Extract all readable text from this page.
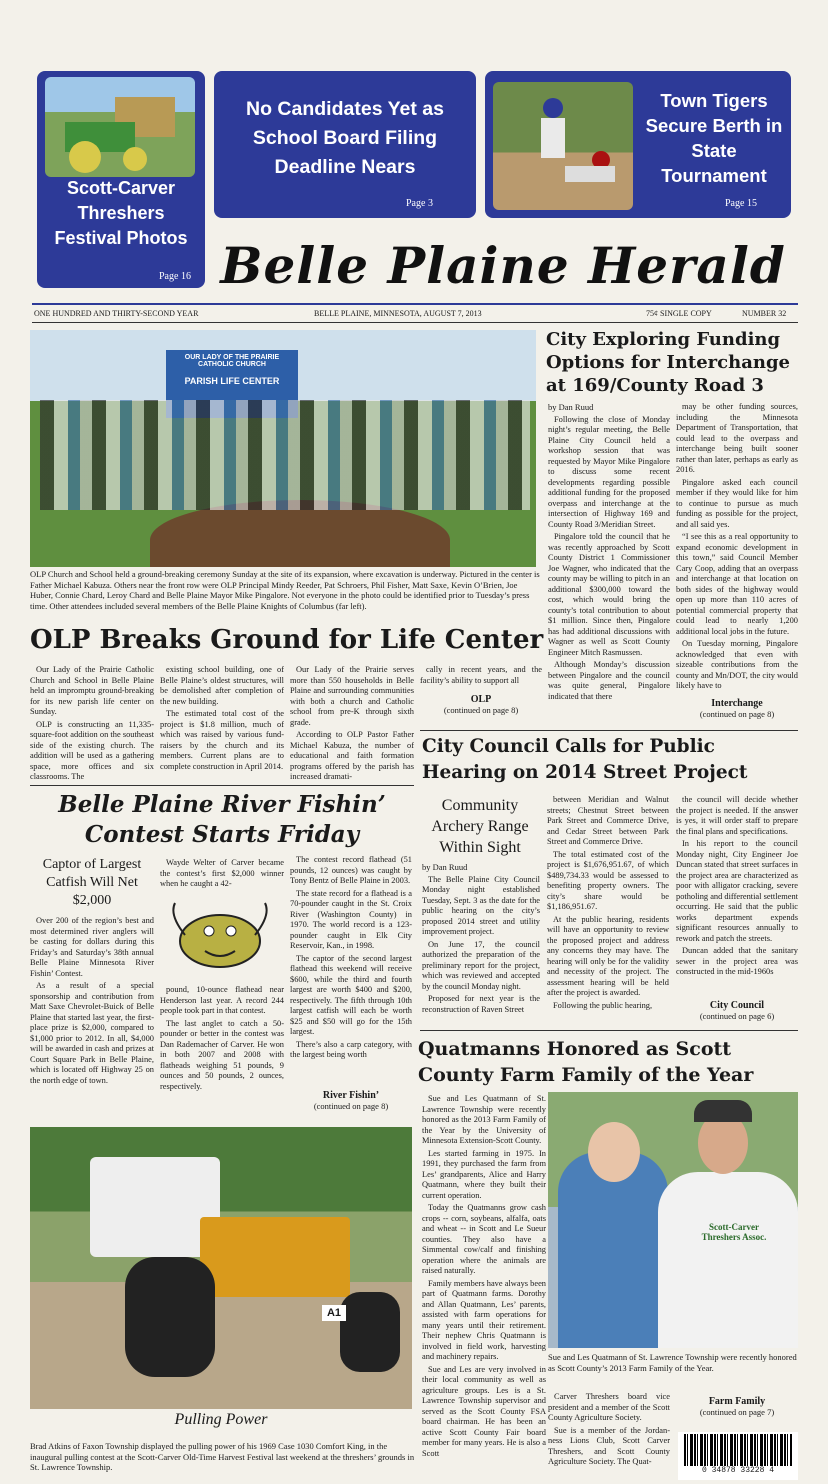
Scott-Carver Threshers Festival Photos
Page 16
No Candidates Yet as School Board Filing Deadline Nears
Page 3
Town Tigers Secure Berth in State Tournament
Page 15
Belle Plaine Herald
ONE HUNDRED AND THIRTY-SECOND YEAR	BELLE PLAINE, MINNESOTA, AUGUST 7, 2013	75¢ SINGLE COPY	NUMBER 32
OUR LADY OF THE PRAIRIE
CATHOLIC CHURCH
PARISH LIFE CENTER
OLP Church and School held a ground-breaking ceremony Sunday at the site of its expansion, where excavation is underway. Pictured in the center is Father Michael Kabuza. Others near the front row were OLP Principal Mindy Reeder, Pat Schroers, Phil Fisher, Matt Saxe, Kevin O’Brien, Joe Huber, Connie Chard, Leroy Chard and Belle Plaine Mayor Mike Pingalore. Not everyone in the photo could be identified prior to Tuesday’s press time. Other attendees included several members of the Belle Plaine Knights of Columbus (far left).
OLP Breaks Ground for Life Center

Our Lady of the Prairie Catholic Church and School in Belle Plaine held an impromptu ground-breaking for its new parish life center on Sunday.

OLP is constructing an 11,335-square-foot addition on the southeast side of the existing church. The addition will be used as a gathering space, more offices and six classrooms. The

existing school building, one of Belle Plaine’s oldest structures, will be demolished after completion of the new building.

The estimated total cost of the project is $1.8 million, much of which was raised by various fund-raisers by the church and its members. Current plans are to complete construction in April 2014.

Our Lady of the Prairie serves more than 550 households in Belle Plaine and surrounding communities with both a church and Catholic school from pre-K through sixth grade.

According to OLP Pastor Father Michael Kabuza, the number of educational and faith formation programs offered by the parish has increased dramati-

cally in recent years, and the facility’s ability to support all

OLP
(continued on page 8)
City Exploring Funding Options for Interchange at 169/County Road 3
by Dan Ruud

Following the close of Monday night’s regular meeting, the Belle Plaine City Council held a workshop session that was requested by Mayor Mike Pingalore to discuss some recent developments regarding possible additional funding for the proposed overpass and interchange at the intersection of Highway 169 and County Road 3/Meridian Street.

Pingalore told the council that he was recently approached by Scott County District 1 Commissioner Joe Wagner, who indicated that the county may be willing to pitch in an additional $300,000 toward the cost, which would bring the county’s total contribution to about $1 million. Since then, Pingalore has had additional discussions with Wagner as well as Scott County Engineer Mitch Rasmussen.

Although Monday’s discussion between Pingalore and the council was quite general, Pingalore indicated that there

may be other funding sources, including the Minnesota Department of Transportation, that could lead to the overpass and interchange being built sooner rather than later, perhaps as early as 2016.

Pingalore asked each council member if they would like for him to continue to pursue as much funding as possible for the project, and all said yes.

“I see this as a real opportunity to expand economic development in this town,” said Council Member Cary Coop, adding that an overpass and interchange at that location on both sides of the highway would open up more than 110 acres of potential commercial property that could lead to nearly 1,200 additional local jobs in the future.

On Tuesday morning, Pingalore acknowledged that even with sizeable contributions from the county and Mn/DOT, the city would likely have to

Interchange
(continued on page 8)
City Council Calls for Public Hearing on 2014 Street Project
Community Archery Range Within Sight
by Dan Ruud

The Belle Plaine City Council Monday night established Tuesday, Sept. 3 as the date for the public hearing on the city’s proposed 2014 street and utility improvement project.

On June 17, the council authorized the preparation of the preliminary report for the project, which was reviewed and accepted by the council Monday night.

Proposed for next year is the reconstruction of Raven Street

between Meridian and Walnut streets; Chestnut Street between Park Street and Commerce Drive, and Cedar Street between Park Street and Commerce Drive.

The total estimated cost of the project is $1,676,951.67, of which $489,734.33 would be assessed to benefiting property owners. The city’s share would be $1,186,951.67.

At the public hearing, residents will have an opportunity to review the proposed project and address any concerns they may have. The hearing will only be for the validity and necessity of the project. The assessment hearing will be held after the project is awarded.

Following the public hearing,

the council will decide whether the project is needed. If the answer is yes, it will order staff to prepare the final plans and specifications.

In his report to the council Monday night, City Engineer Joe Duncan stated that street surfaces in the project area are characterized as poor with alligator cracking, severe potholing and differential settlement occurring. He said that the public works department expends significant resources annually to rework and patch the streets.

Duncan added that the sanitary sewer in the project area was constructed in the mid-1960s

City Council
(continued on page 6)
Belle Plaine River Fishin’
Contest Starts Friday
Captor of Largest Catfish Will Net $2,000

Over 200 of the region’s best and most determined river anglers will be casting for dollars during this Friday’s and Saturday’s 38th annual Belle Plaine Minnesota River Fishin’ Contest.

As a result of a special sponsorship and contribution from Matt Saxe Chevrolet-Buick of Belle Plaine that started last year, the first-place prize is $2,000, compared to $1,000 prior to 2012. In all, $4,000 will be awarded in cash and prizes at Court Square Park in Belle Plaine, which is located off Highway 25 on the north edge of town.

Wayde Welter of Carver became the contest’s first $2,000 winner when he caught a 42-

pound, 10-ounce flathead near Henderson last year. A record 244 people took part in that contest.

The last anglet to catch a 50-pounder or better in the contest was Dan Rademacher of Carver. He won in both 2007 and 2008 with flatheads weighing 51 pounds, 9 ounces and 50 pounds, 2 ounces, respectively.

The contest record flathead (51 pounds, 12 ounces) was caught by Tony Bentz of Belle Plaine in 2003.

The state record for a flathead is a 70-pounder caught in the St. Croix River (Washington County) in 1970. The world record is a 123-pounder caught in Elk City Reservoir, Kan., in 1998.

The captor of the second largest flathead this weekend will receive $600, while the third and fourth largest are worth $400 and $200, respectively. The fifth through 10th largest catfish will each be worth $25 and $50 will go for the 15th largest.

There’s also a carp category, with the largest being worth

River Fishin’
(continued on page 8)
A1
Pulling Power
Brad Atkins of Faxon Township displayed the pulling power of his 1969 Case 1030 Comfort King, in the inaugural pulling contest at the Scott-Carver Old-Time Harvest Festival last weekend at the threshers’ grounds in St. Lawrence Township.
Quatmanns Honored as Scott County Farm Family of the Year

Sue and Les Quatmann of St. Lawrence Township were recently honored as the 2013 Farm Family of the Year by the University of Minnesota Extension-Scott County.

Les started farming in 1975. In 1991, they purchased the farm from Les’ grandparents, Alice and Harry Quatmann, where they built their current operation.

Today the Quatmanns grow cash crops -- corn, soybeans, alfalfa, oats and wheat -- in Scott and Le Sueur counties. They also have a Simmental cow/calf and finishing operation where the animals are raised naturally.

Family members have always been part of Quatmann farms. Dorothy and Allan Quatmann, Les’ parents, assisted with farm operations for many years until their retirement. Their nephew Chris Quatmann is involved in field work, harvesting and machinery repairs.

Sue and Les are very involved in their local community as well as agriculture groups. Les is a St. Lawrence Township supervisor and served as the Scott County FSA board chairman. He has been an active Scott County Fair board member for many years. He is also a Scott

Scott-Carver Threshers Assoc.
Sue and Les Quatmann of St. Lawrence Township were recently honored as Scott County’s 2013 Farm Family of the Year.

Carver Threshers board vice president and a member of the Scott County Agriculture Society.

Sue is a member of the Jordan-ness Lions Club, Scott Carver Threshers, and Scott County Agriculture Society. The Quat-

Farm Family
(continued on page 7)
0 34878 33228 4
